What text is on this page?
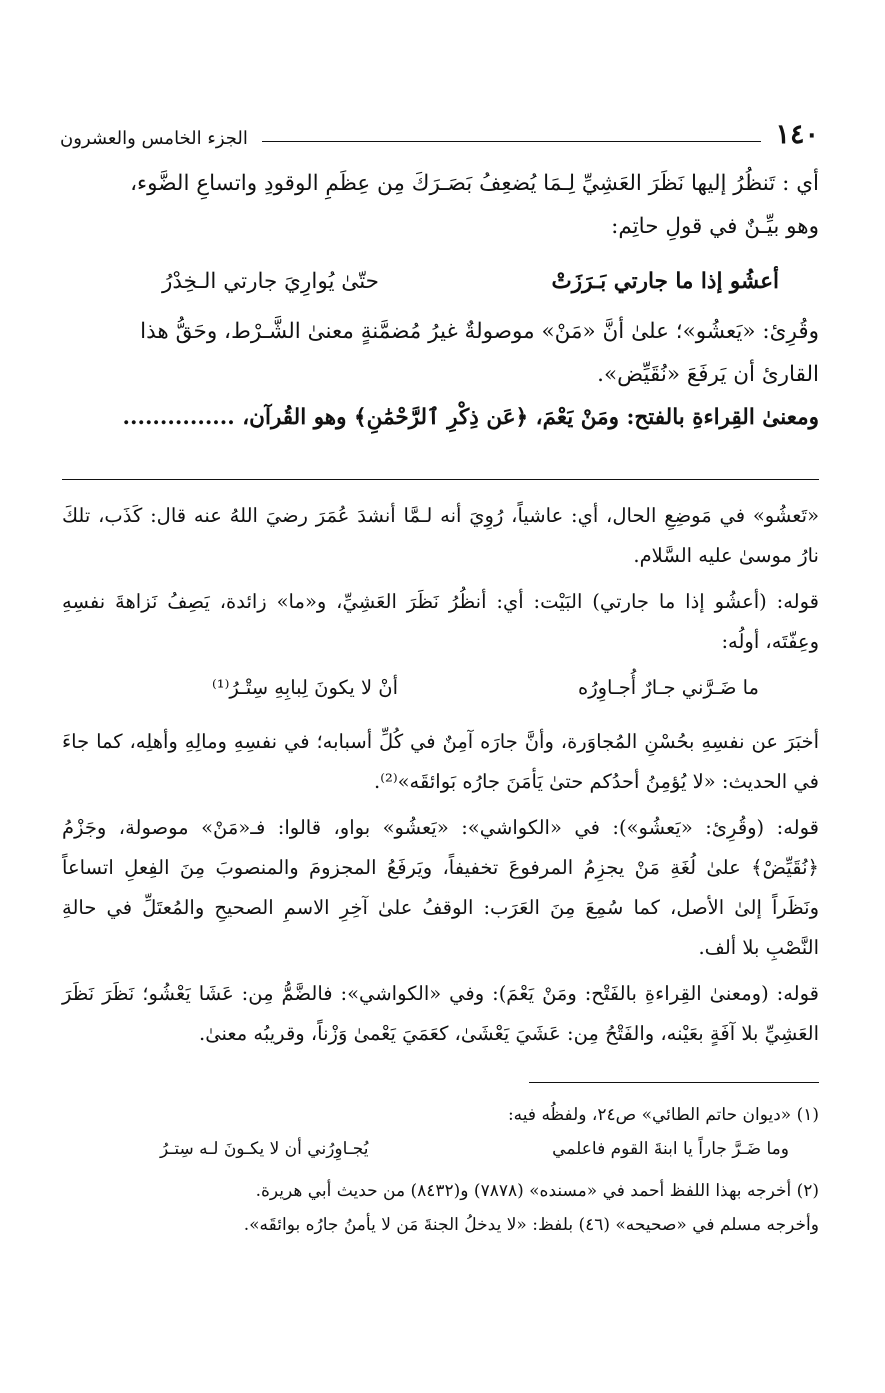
١٤٠
الجزء الخامس والعشرون

أي : تَنظُرُ إليها نَظَرَ العَشِيِّ لِـمَا يُضعِفُ بَصَـرَكَ مِن عِظَمِ الوقودِ واتساعِ الضَّوء،

وهو بيِّـنٌ في قولِ حاتِم:

أعشُو إذا ما جارتي بَـرَزَتْ
حتّىٰ يُوارِيَ جارتي الـخِدْرُ

وقُرِئ: «يَعشُو»؛ علىٰ أنَّ «مَنْ» موصولةٌ غيرُ مُضمَّنةٍ معنىٰ الشَّـرْط، وحَقُّ هذا

القارئ أن يَرفَعَ «نُقَيِّض».

ومعنىٰ القِراءةِ بالفتح: ومَنْ يَعْمَ، ﴿عَن ذِكْرِ ٱلرَّحْمَٰنِ﴾ وهو القُرآن، ...............

«تَعشُو» في مَوضِعِ الحال، أي: عاشياً، رُوِيَ أنه لـمَّا أنشدَ عُمَرَ رضيَ اللهُ عنه قال: كَذَب، تلكَ نارُ موسىٰ عليه السَّلام.

قوله: (أعشُو إذا ما جارتي) البَيْت: أي: أنظُرُ نَظَرَ العَشِيِّ، و«ما» زائدة، يَصِفُ نَزاهةَ نفسِهِ وعِفّتَه، أولُه:

ما ضَـرَّني جـارٌ أُجـاوِرُه
أنْ لا يكونَ لِبابِهِ سِتْـرُ⁽¹⁾

أخبَرَ عن نفسِهِ بحُسْنِ المُجاوَرة، وأنَّ جارَه آمِنٌ في كُلِّ أسبابه؛ في نفسِهِ ومالِهِ وأهلِه، كما جاءَ في الحديث: «لا يُؤمِنُ أحدُكم حتىٰ يَأمَنَ جارُه بَوائقَه»⁽²⁾.

قوله: (وقُرِئ: «يَعشُو»): في «الكواشي»: «يَعشُو» بواو، قالوا: فـ«مَنْ» موصولة، وجَزْمُ ﴿نُقَيِّضْ﴾ علىٰ لُغَةِ مَنْ يجزِمُ المرفوعَ تخفيفاً، ويَرفَعُ المجزومَ والمنصوبَ مِنَ الفِعلِ اتساعاً ونَظَراً إلىٰ الأصل، كما سُمِعَ مِنَ العَرَب: الوقفُ علىٰ آخِرِ الاسمِ الصحيحِ والمُعتَلِّ في حالةِ النَّصْبِ بلا ألف.

قوله: (ومعنىٰ القِراءةِ بالفَتْح: ومَنْ يَعْمَ): وفي «الكواشي»: فالضَّمُّ مِن: عَشَا يَعْشُو؛ نَظَرَ نَظَرَ العَشِيِّ بلا آفَةٍ بعَيْنه، والفَتْحُ مِن: عَشَيَ يَعْشَىٰ، كعَمَيَ يَعْمىٰ وَزْناً، وقريبُه معنىٰ.

(١) «ديوان حاتم الطائي» ص٢٤، ولفظُه فيه:

وما ضَـرَّ جاراً يا ابنةَ القوم فاعلمي
يُجـاوِرُني أن لا يكـونَ لـه سِتـرُ

(٢) أخرجه بهذا اللفظ أحمد في «مسنده» (٧٨٧٨) و(٨٤٣٢) من حديث أبي هريرة.

وأخرجه مسلم في «صحيحه» (٤٦) بلفظ: «لا يدخلُ الجنةَ مَن لا يأمنُ جارُه بوائقَه».
